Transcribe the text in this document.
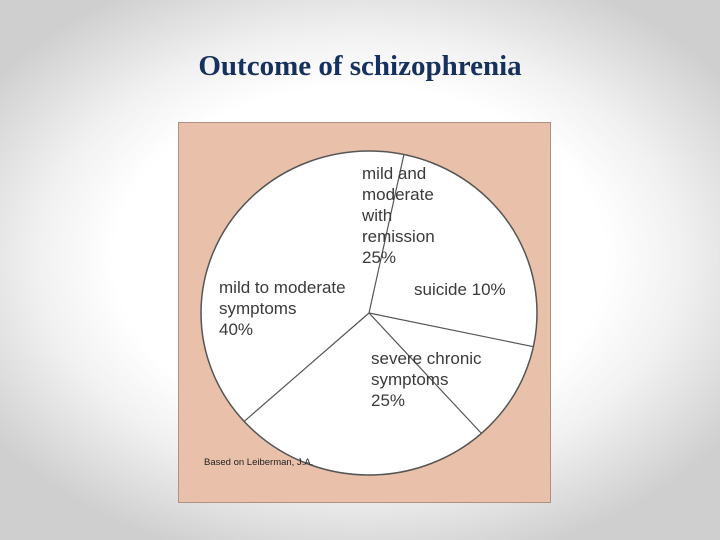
Outcome of schizophrenia
mild and
moderate
with
remission
25%
suicide 10%
severe chronic
symptoms
25%
mild to moderate
symptoms
40%
Based on Leiberman, J.A.
